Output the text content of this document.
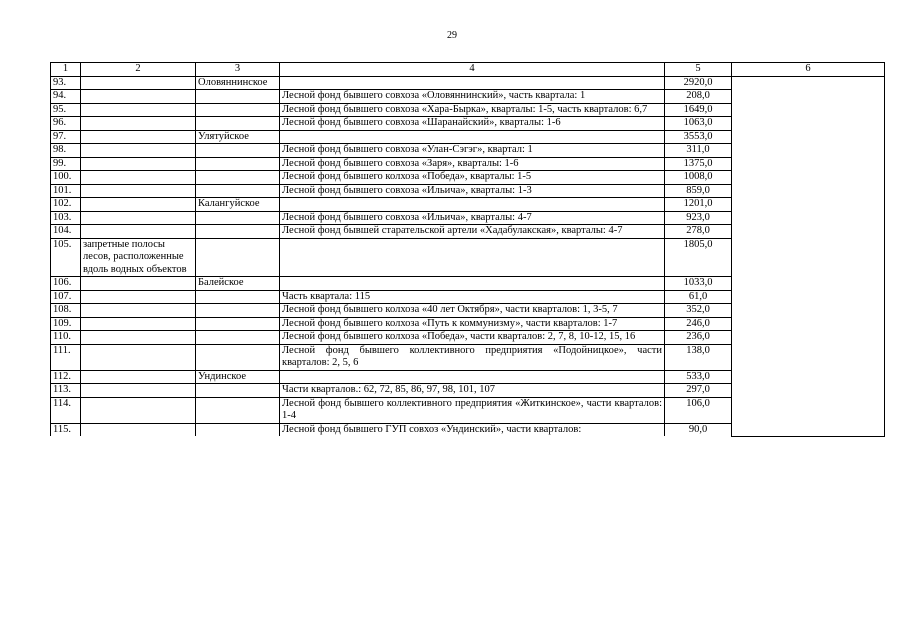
29
1	2	3	4	5	6
93.		Оловяннинское		2920,0	
94.			Лесной фонд бывшего совхоза «Оловяннинский», часть квартала: 1	208,0	
95.			Лесной фонд бывшего совхоза «Хара-Бырка», кварталы: 1-5, часть кварталов: 6,7	1649,0	
96.			Лесной фонд бывшего совхоза «Шаранайский», кварталы: 1-6	1063,0	
97.		Улятуйское		3553,0	
98.			Лесной фонд бывшего совхоза «Улан-Сэгэг», квартал: 1	311,0	
99.			Лесной фонд бывшего совхоза «Заря», кварталы: 1-6	1375,0	
100.			Лесной фонд бывшего колхоза «Победа», кварталы: 1-5	1008,0	
101.			Лесной фонд бывшего совхоза «Ильича», кварталы: 1-3	859,0	
102.		Калангуйское		1201,0	
103.			Лесной фонд бывшего совхоза «Ильича», кварталы: 4-7	923,0	
104.			Лесной фонд бывшей старательской артели «Хадабулакская», кварталы: 4-7	278,0	
105.	запретные полосы лесов, расположенные вдоль водных объектов			1805,0	
106.		Балейское		1033,0	
107.			Часть квартала: 115	61,0	
108.			Лесной фонд бывшего колхоза «40 лет Октября», части кварталов: 1, 3-5, 7	352,0	
109.			Лесной фонд бывшего колхоза «Путь к коммунизму», части кварталов: 1-7	246,0	
110.			Лесной фонд бывшего колхоза «Победа», части кварталов: 2, 7, 8, 10-12, 15, 16	236,0	
111.			Лесной фонд бывшего коллективного предприятия «Подойницкое», части кварталов: 2, 5, 6	138,0	
112.		Ундинское		533,0	
113.			Части кварталов.: 62, 72, 85, 86, 97, 98, 101, 107	297,0	
114.			Лесной фонд бывшего коллективного предприятия «Житкинское», части кварталов: 1-4	106,0	
115.			Лесной фонд бывшего ГУП совхоз «Ундинский», части кварталов:	90,0	
